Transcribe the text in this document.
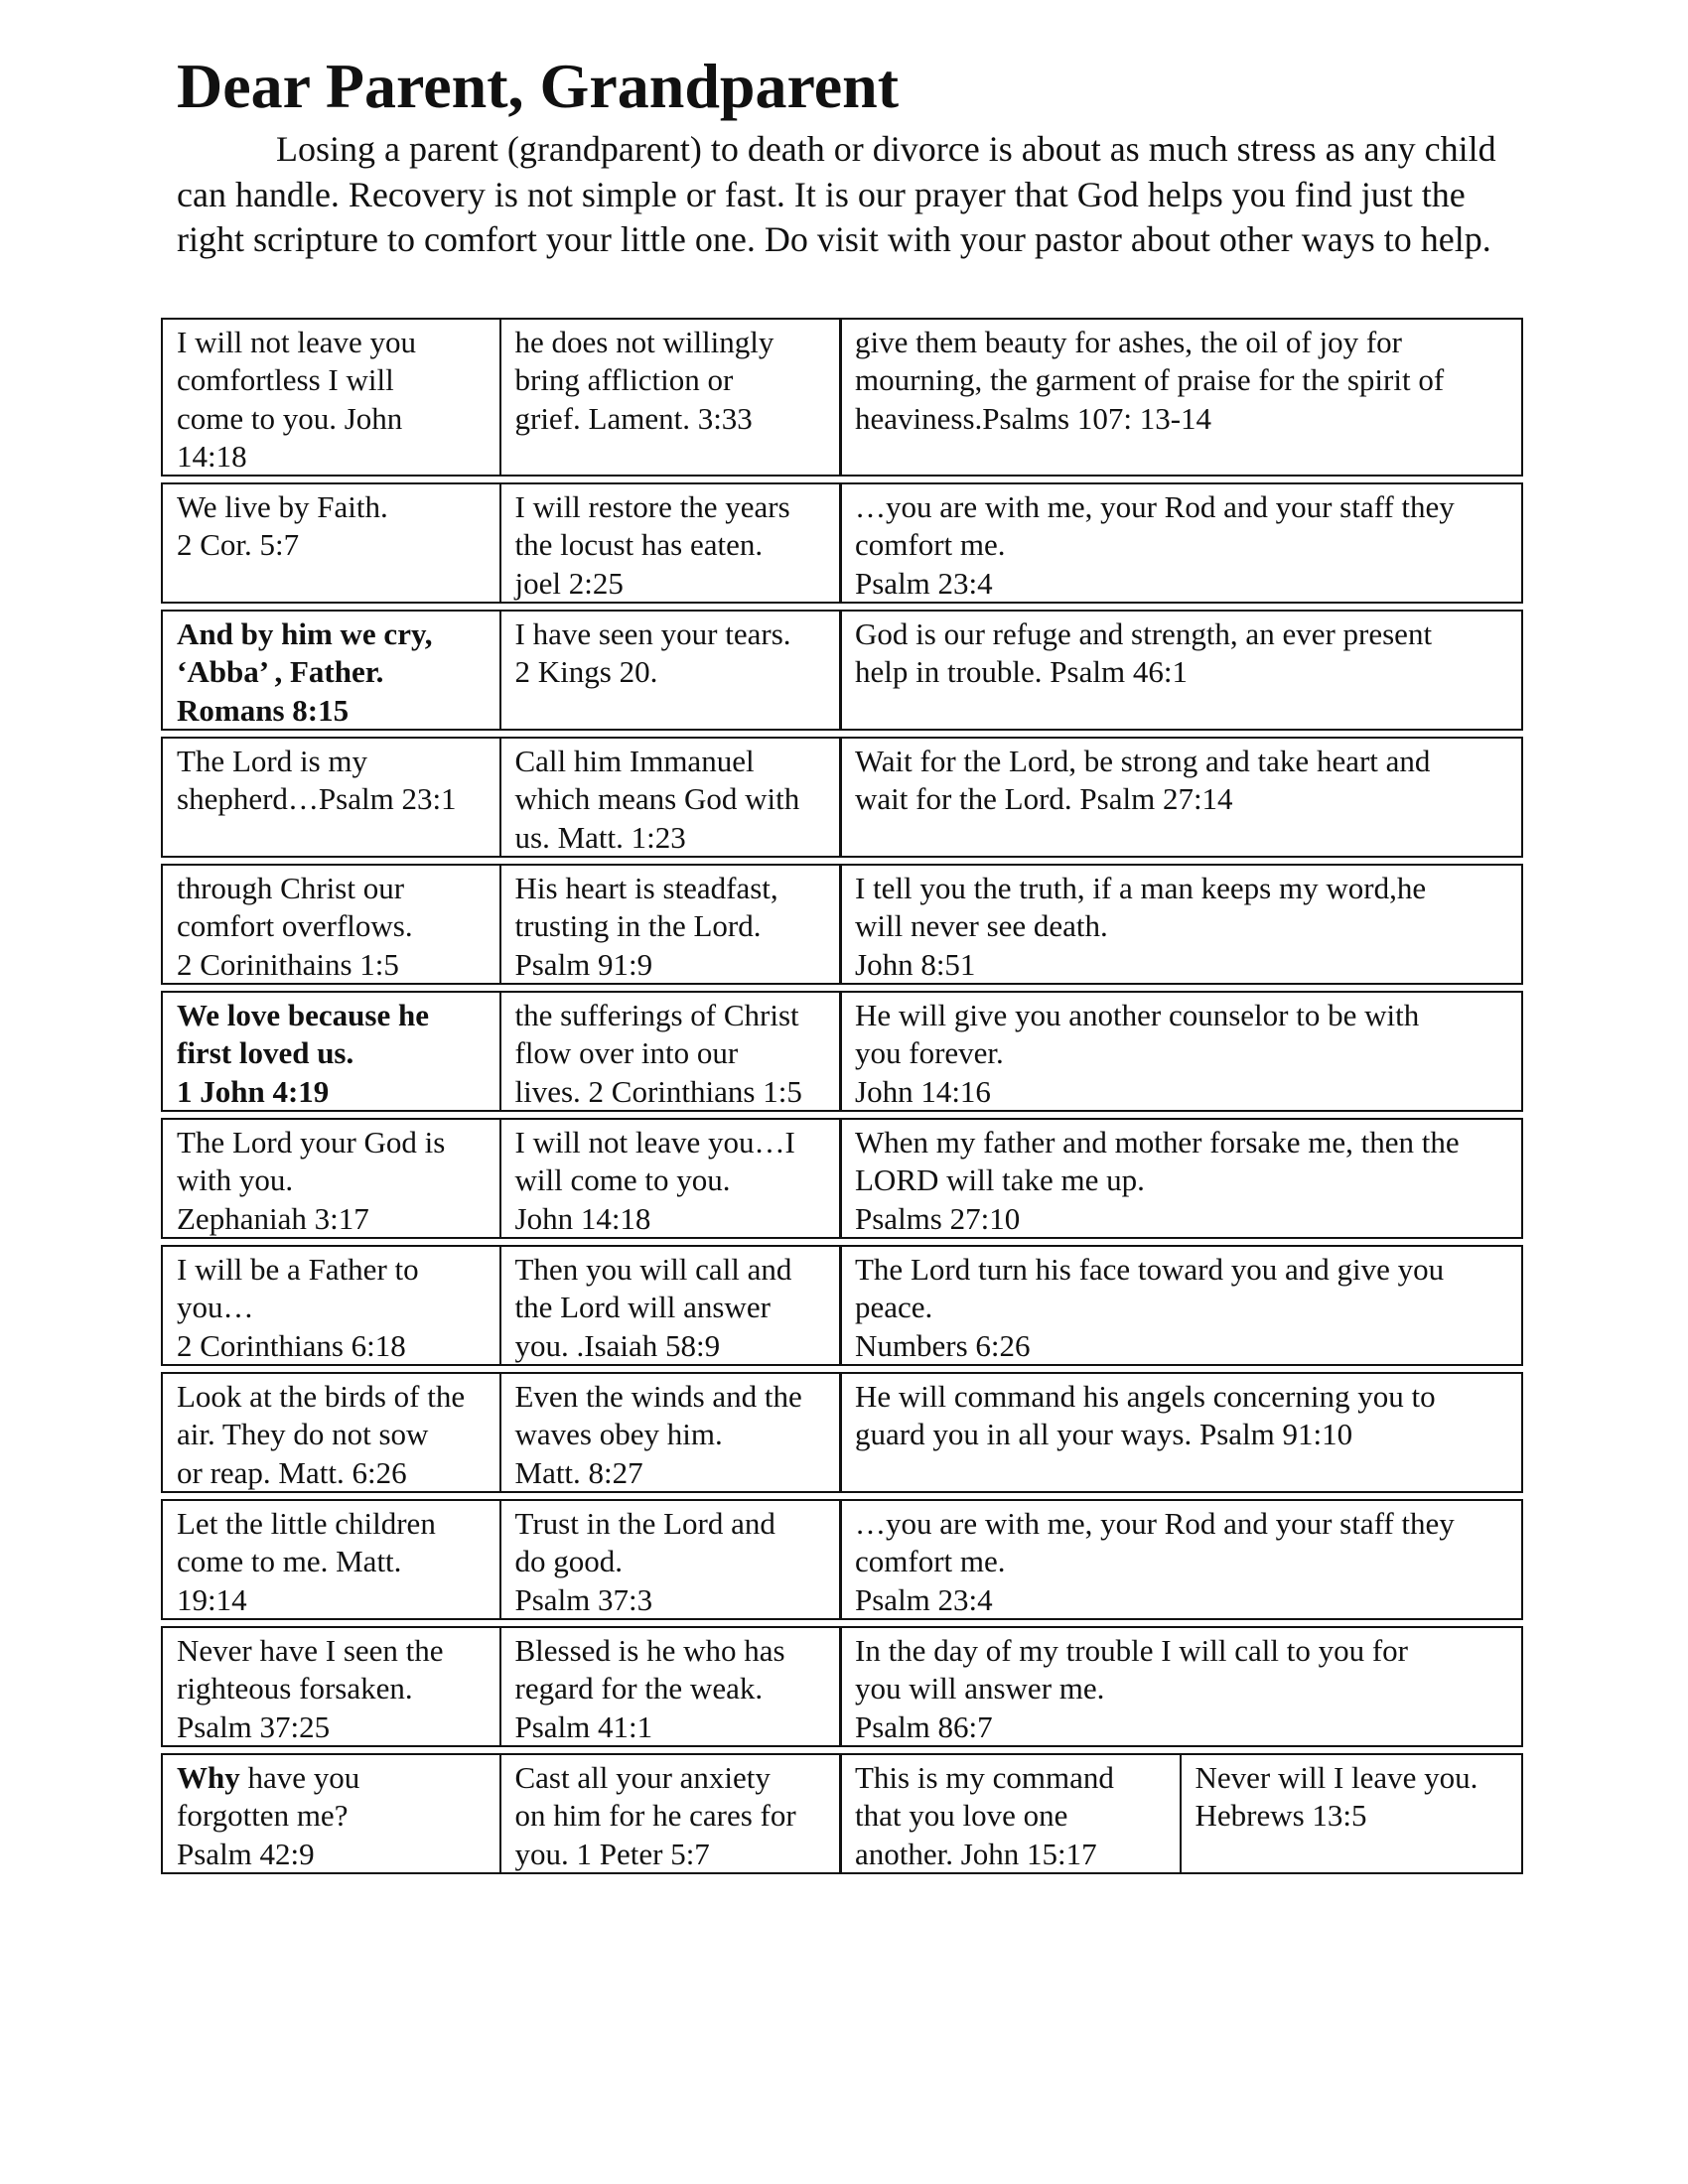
Dear Parent, Grandparent

Losing a parent (grandparent) to death or divorce is about as much stress as any child can handle. Recovery is not simple or fast. It is our prayer that God helps you find just the right scripture to comfort your little one. Do visit with your pastor about other ways to help.

I will not leave you
comfortless I will
come to you. John
14:18
he does not willingly
bring affliction or
grief. Lament. 3:33
give them beauty for ashes, the oil of joy for
mourning, the garment of praise for the spirit of
heaviness.Psalms 107: 13-14
We live by Faith.
2 Cor. 5:7
I will restore the years
the locust has eaten.
joel 2:25
…you are with me, your Rod and your staff they
comfort me.
Psalm 23:4
And by him we cry,
‘Abba’ , Father.
Romans 8:15
I have seen your tears.
2 Kings 20.
God is our refuge and strength, an ever present
help in trouble. Psalm 46:1
The Lord is my
shepherd…Psalm 23:1
Call him Immanuel
which means God with
us. Matt. 1:23
Wait for the Lord, be strong and take heart and
wait for the Lord. Psalm 27:14
through Christ our
comfort overflows.
2 Corinithains 1:5
His heart is steadfast,
trusting in the Lord.
Psalm 91:9
I tell you the truth, if a man keeps my word,he
will never see death.
John 8:51
We love because he
first loved us.
1 John 4:19
the sufferings of Christ
flow over into our
lives. 2 Corinthians 1:5
He will give you another counselor to be with
you forever.
John 14:16
The Lord your God is
with you.
Zephaniah 3:17
I will not leave you…I
will come to you.
John 14:18
When my father and mother forsake me, then the
LORD will take me up.
Psalms 27:10
I will be a Father to
you…
2 Corinthians 6:18
Then you will call and
the Lord will answer
you. .Isaiah 58:9
The Lord turn his face toward you and give you
peace.
Numbers 6:26
Look at the birds of the
air. They do not sow
or reap. Matt. 6:26
Even the winds and the
waves obey him.
Matt. 8:27
He will command his angels concerning you to
guard you in all your ways. Psalm 91:10
Let the little children
come to me. Matt.
19:14
Trust in the Lord and
do good.
Psalm 37:3
…you are with me, your Rod and your staff they
comfort me.
Psalm 23:4
Never have I seen the
righteous forsaken.
Psalm 37:25
Blessed is he who has
regard for the weak.
Psalm 41:1
In the day of my trouble I will call to you for
you will answer me.
Psalm 86:7
Why have you
forgotten me?
Psalm 42:9
Cast all your anxiety
on him for he cares for
you. 1 Peter 5:7
This is my command
that you love one
another. John 15:17
Never will I leave you.
Hebrews 13:5
